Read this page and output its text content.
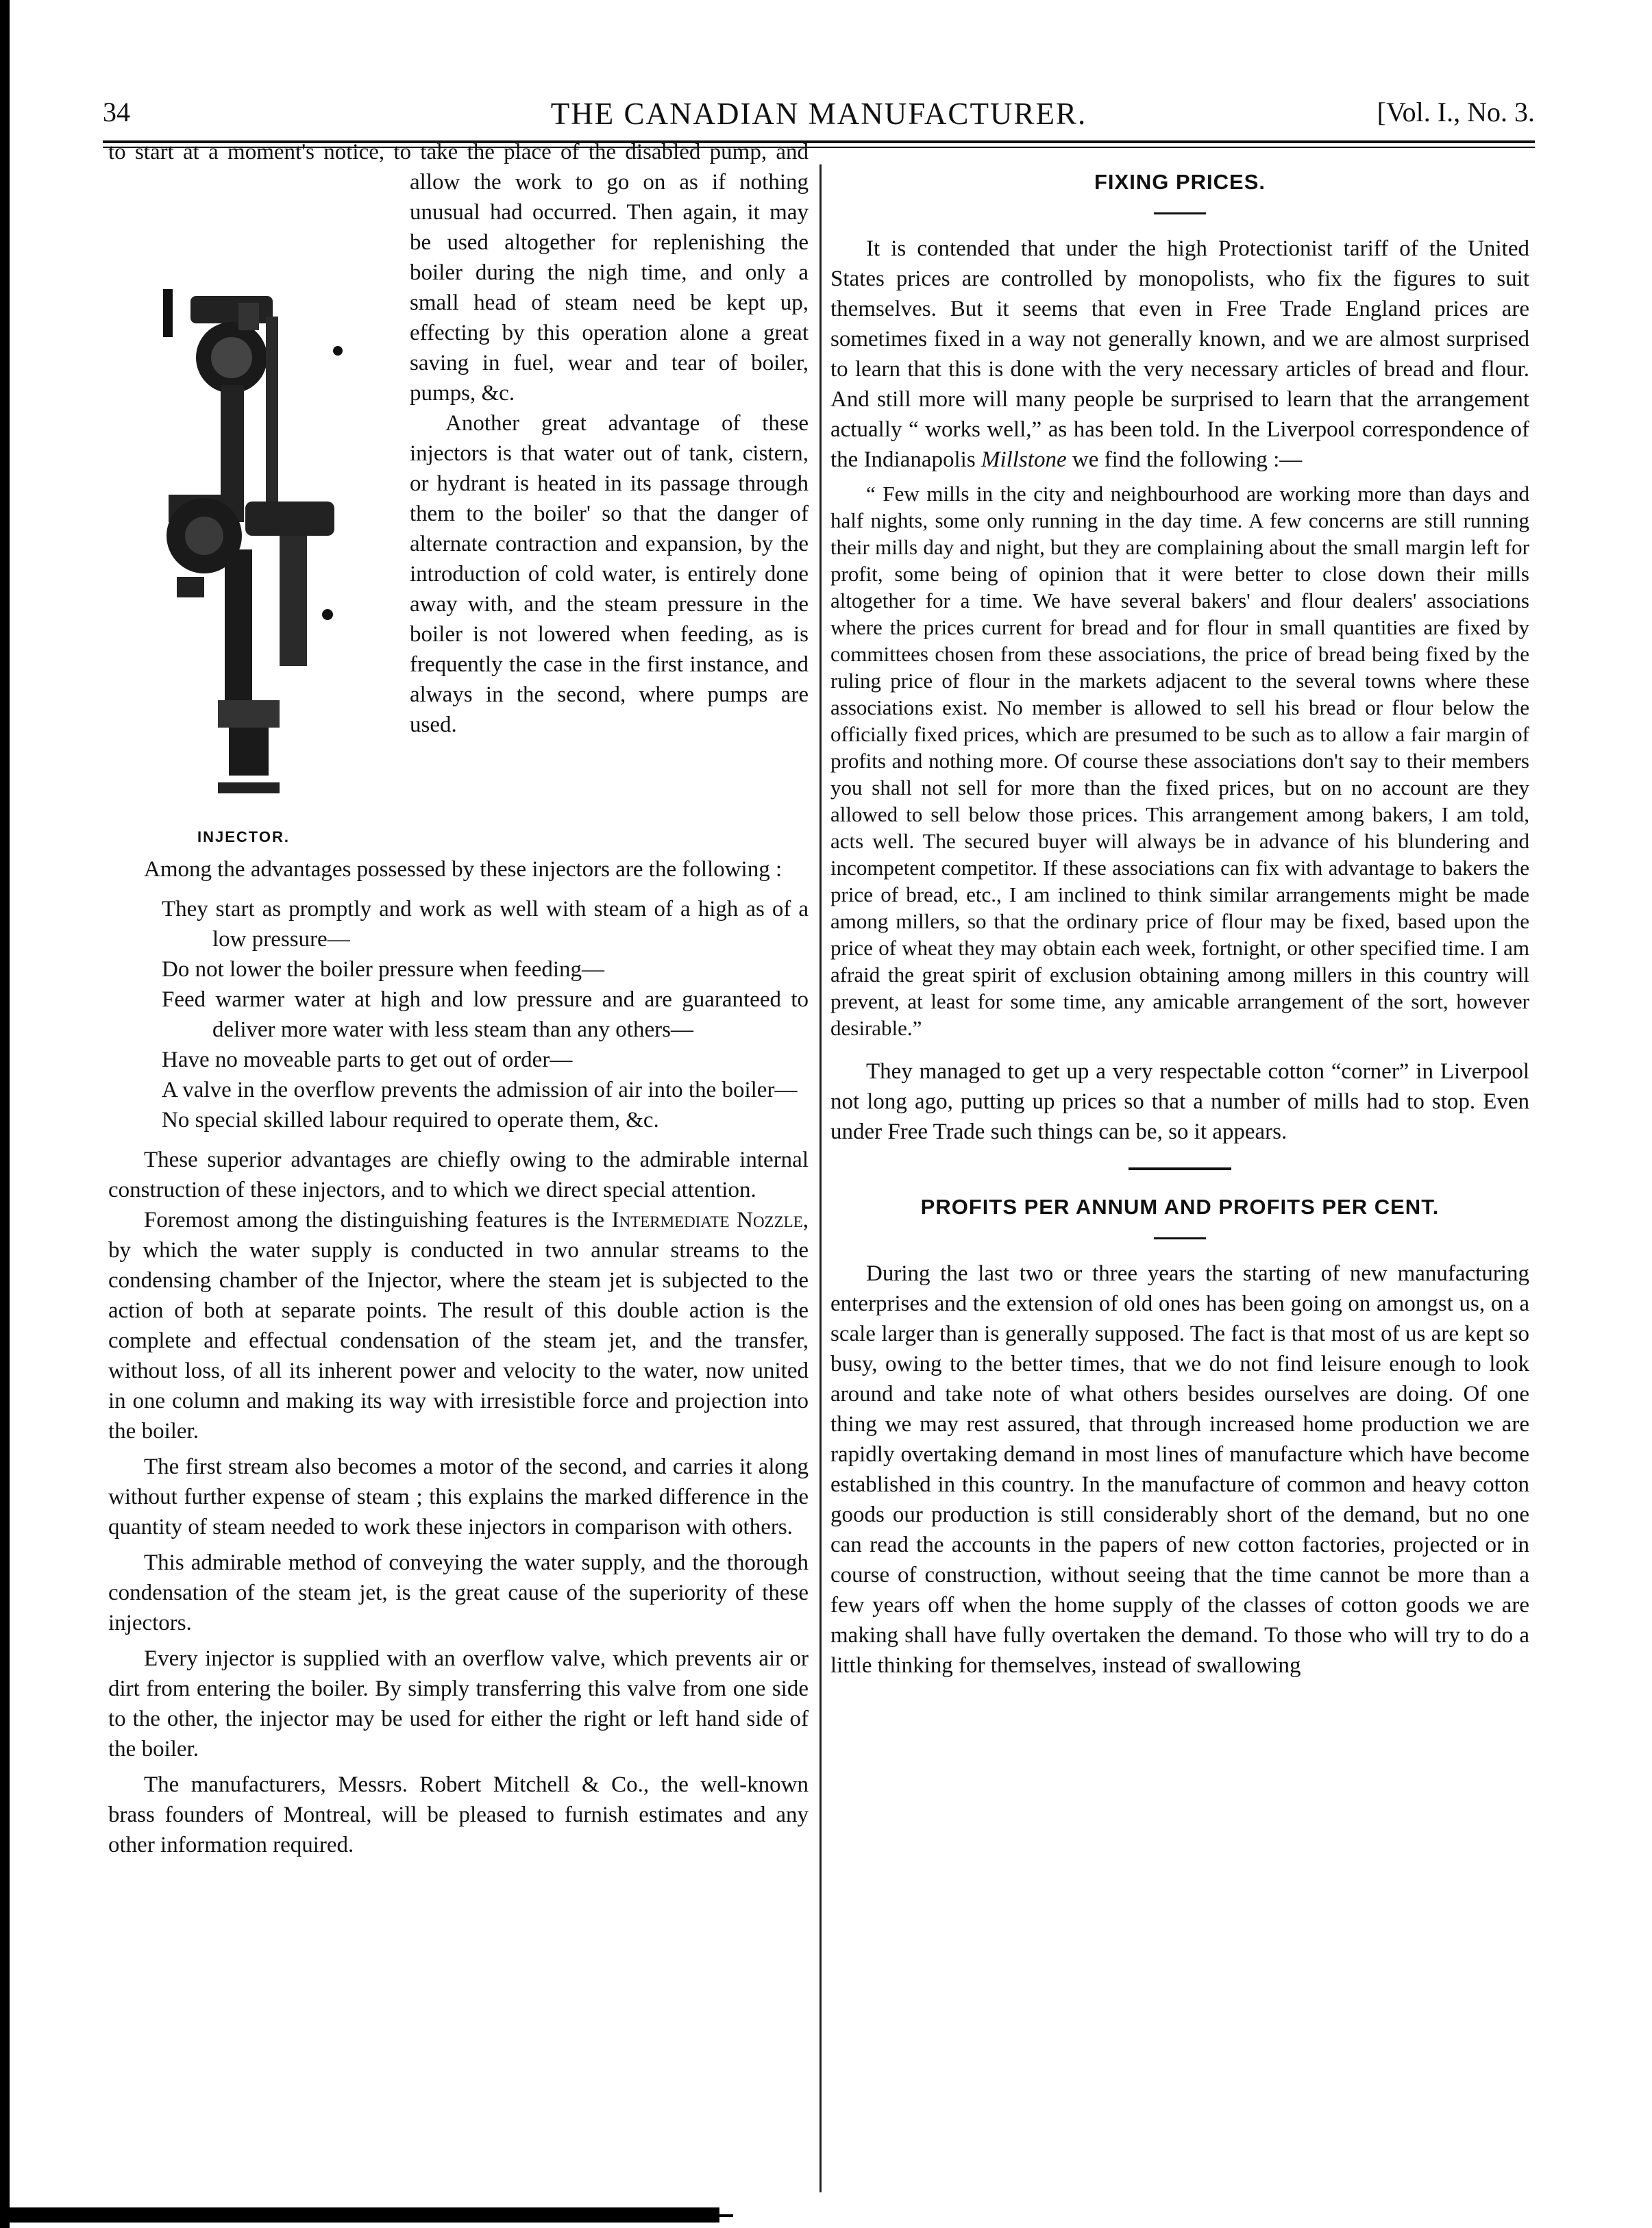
34	THE CANADIAN MANUFACTURER.	[Vol. I., No. 3.

INJECTOR.

to start at a moment's notice, to take the place of the disabled pump, and allow the work to go on as if nothing unusual had occurred. Then again, it may be used altogether for replenishing the boiler during the nigh time, and only a small head of steam need be kept up, effecting by this operation alone a great saving in fuel, wear and tear of boiler, pumps, &c.

Another great advantage of these injectors is that water out of tank, cistern, or hydrant is heated in its passage through them to the boiler' so that the danger of alternate contraction and expansion, by the introduction of cold water, is entirely done away with, and the steam pressure in the boiler is not lowered when feeding, as is frequently the case in the first instance, and always in the second, where pumps are used.

Among the advantages possessed by these injectors are the following :

They start as promptly and work as well with steam of a high as of a low pressure—

Do not lower the boiler pressure when feeding—

Feed warmer water at high and low pressure and are guaranteed to deliver more water with less steam than any others—

Have no moveable parts to get out of order—

A valve in the overflow prevents the admission of air into the boiler—

No special skilled labour required to operate them, &c.

These superior advantages are chiefly owing to the admirable internal construction of these injectors, and to which we direct special attention.

Foremost among the distinguishing features is the Intermediate Nozzle, by which the water supply is conducted in two annular streams to the condensing chamber of the Injector, where the steam jet is subjected to the action of both at separate points. The result of this double action is the complete and effectual condensation of the steam jet, and the transfer, without loss, of all its inherent power and velocity to the water, now united in one column and making its way with irresistible force and projection into the boiler.

The first stream also becomes a motor of the second, and carries it along without further expense of steam ; this explains the marked difference in the quantity of steam needed to work these injectors in comparison with others.

This admirable method of conveying the water supply, and the thorough condensation of the steam jet, is the great cause of the superiority of these injectors.

Every injector is supplied with an overflow valve, which prevents air or dirt from entering the boiler. By simply transferring this valve from one side to the other, the injector may be used for either the right or left hand side of the boiler.

The manufacturers, Messrs. Robert Mitchell & Co., the well-known brass founders of Montreal, will be pleased to furnish estimates and any other information required.

FIXING PRICES.

It is contended that under the high Protectionist tariff of the United States prices are controlled by monopolists, who fix the figures to suit themselves. But it seems that even in Free Trade England prices are sometimes fixed in a way not generally known, and we are almost surprised to learn that this is done with the very necessary articles of bread and flour. And still more will many people be surprised to learn that the arrangement actually “ works well,” as has been told. In the Liverpool correspondence of the Indianapolis Millstone we find the following :—

“ Few mills in the city and neighbourhood are working more than days and half nights, some only running in the day time. A few concerns are still running their mills day and night, but they are complaining about the small margin left for profit, some being of opinion that it were better to close down their mills altogether for a time. We have several bakers' and flour dealers' associations where the prices current for bread and for flour in small quantities are fixed by committees chosen from these associations, the price of bread being fixed by the ruling price of flour in the markets adjacent to the several towns where these associations exist. No member is allowed to sell his bread or flour below the officially fixed prices, which are presumed to be such as to allow a fair margin of profits and nothing more. Of course these associations don't say to their members you shall not sell for more than the fixed prices, but on no account are they allowed to sell below those prices. This arrangement among bakers, I am told, acts well. The secured buyer will always be in advance of his blundering and incompetent competitor. If these associations can fix with advantage to bakers the price of bread, etc., I am inclined to think similar arrangements might be made among millers, so that the ordinary price of flour may be fixed, based upon the price of wheat they may obtain each week, fortnight, or other specified time. I am afraid the great spirit of exclusion obtaining among millers in this country will prevent, at least for some time, any amicable arrangement of the sort, however desirable.”

They managed to get up a very respectable cotton “corner” in Liverpool not long ago, putting up prices so that a number of mills had to stop. Even under Free Trade such things can be, so it appears.

PROFITS PER ANNUM AND PROFITS PER CENT.

During the last two or three years the starting of new manufacturing enterprises and the extension of old ones has been going on amongst us, on a scale larger than is generally supposed. The fact is that most of us are kept so busy, owing to the better times, that we do not find leisure enough to look around and take note of what others besides ourselves are doing. Of one thing we may rest assured, that through increased home production we are rapidly overtaking demand in most lines of manufacture which have become established in this country. In the manufacture of common and heavy cotton goods our production is still considerably short of the demand, but no one can read the accounts in the papers of new cotton factories, projected or in course of construction, without seeing that the time cannot be more than a few years off when the home supply of the classes of cotton goods we are making shall have fully overtaken the demand. To those who will try to do a little thinking for themselves, instead of swallowing
